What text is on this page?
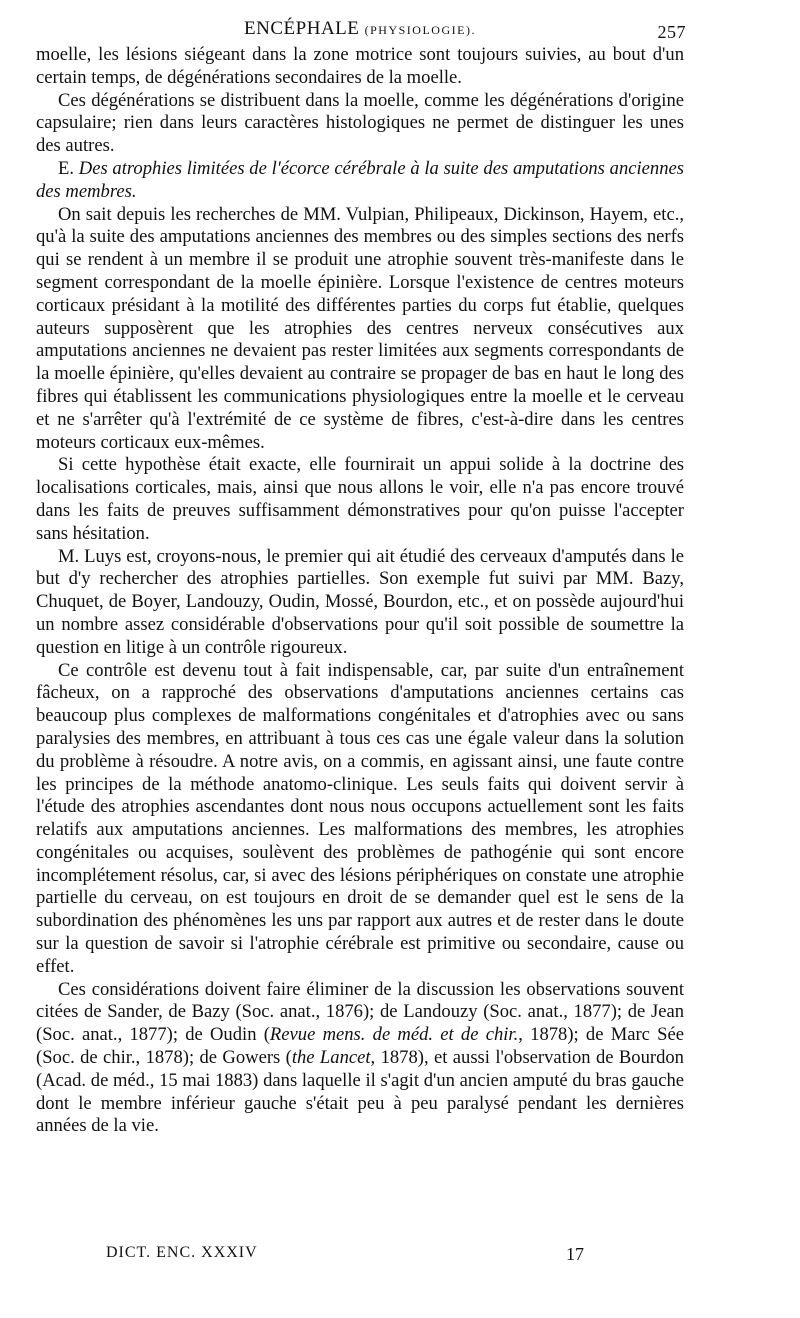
ENCÉPHALE (PHYSIOLOGIE).	257

moelle, les lésions siégeant dans la zone motrice sont toujours suivies, au bout d'un certain temps, de dégénérations secondaires de la moelle.

Ces dégénérations se distribuent dans la moelle, comme les dégénérations d'origine capsulaire; rien dans leurs caractères histologiques ne permet de distinguer les unes des autres.

E. Des atrophies limitées de l'écorce cérébrale à la suite des amputations anciennes des membres.

On sait depuis les recherches de MM. Vulpian, Philipeaux, Dickinson, Hayem, etc., qu'à la suite des amputations anciennes des membres ou des simples sections des nerfs qui se rendent à un membre il se produit une atrophie souvent très-manifeste dans le segment correspondant de la moelle épinière. Lorsque l'existence de centres moteurs corticaux présidant à la motilité des différentes parties du corps fut établie, quelques auteurs supposèrent que les atrophies des centres nerveux consécutives aux amputations anciennes ne devaient pas rester limitées aux segments correspondants de la moelle épinière, qu'elles devaient au contraire se propager de bas en haut le long des fibres qui établissent les communications physiologiques entre la moelle et le cerveau et ne s'arrêter qu'à l'extrémité de ce système de fibres, c'est-à-dire dans les centres moteurs corticaux eux-mêmes.

Si cette hypothèse était exacte, elle fournirait un appui solide à la doctrine des localisations corticales, mais, ainsi que nous allons le voir, elle n'a pas encore trouvé dans les faits de preuves suffisamment démonstratives pour qu'on puisse l'accepter sans hésitation.

M. Luys est, croyons-nous, le premier qui ait étudié des cerveaux d'amputés dans le but d'y rechercher des atrophies partielles. Son exemple fut suivi par MM. Bazy, Chuquet, de Boyer, Landouzy, Oudin, Mossé, Bourdon, etc., et on possède aujourd'hui un nombre assez considérable d'observations pour qu'il soit possible de soumettre la question en litige à un contrôle rigoureux.

Ce contrôle est devenu tout à fait indispensable, car, par suite d'un entraînement fâcheux, on a rapproché des observations d'amputations anciennes certains cas beaucoup plus complexes de malformations congénitales et d'atrophies avec ou sans paralysies des membres, en attribuant à tous ces cas une égale valeur dans la solution du problème à résoudre. A notre avis, on a commis, en agissant ainsi, une faute contre les principes de la méthode anatomo-clinique. Les seuls faits qui doivent servir à l'étude des atrophies ascendantes dont nous nous occupons actuellement sont les faits relatifs aux amputations anciennes. Les malformations des membres, les atrophies congénitales ou acquises, soulèvent des problèmes de pathogénie qui sont encore incomplétement résolus, car, si avec des lésions périphériques on constate une atrophie partielle du cerveau, on est toujours en droit de se demander quel est le sens de la subordination des phénomènes les uns par rapport aux autres et de rester dans le doute sur la question de savoir si l'atrophie cérébrale est primitive ou secondaire, cause ou effet.

Ces considérations doivent faire éliminer de la discussion les observations souvent citées de Sander, de Bazy (Soc. anat., 1876); de Landouzy (Soc. anat., 1877); de Jean (Soc. anat., 1877); de Oudin (Revue mens. de méd. et de chir., 1878); de Marc Sée (Soc. de chir., 1878); de Gowers (the Lancet, 1878), et aussi l'observation de Bourdon (Acad. de méd., 15 mai 1883) dans laquelle il s'agit d'un ancien amputé du bras gauche dont le membre inférieur gauche s'était peu à peu paralysé pendant les dernières années de la vie.

DICT. ENC. XXXIV	17
